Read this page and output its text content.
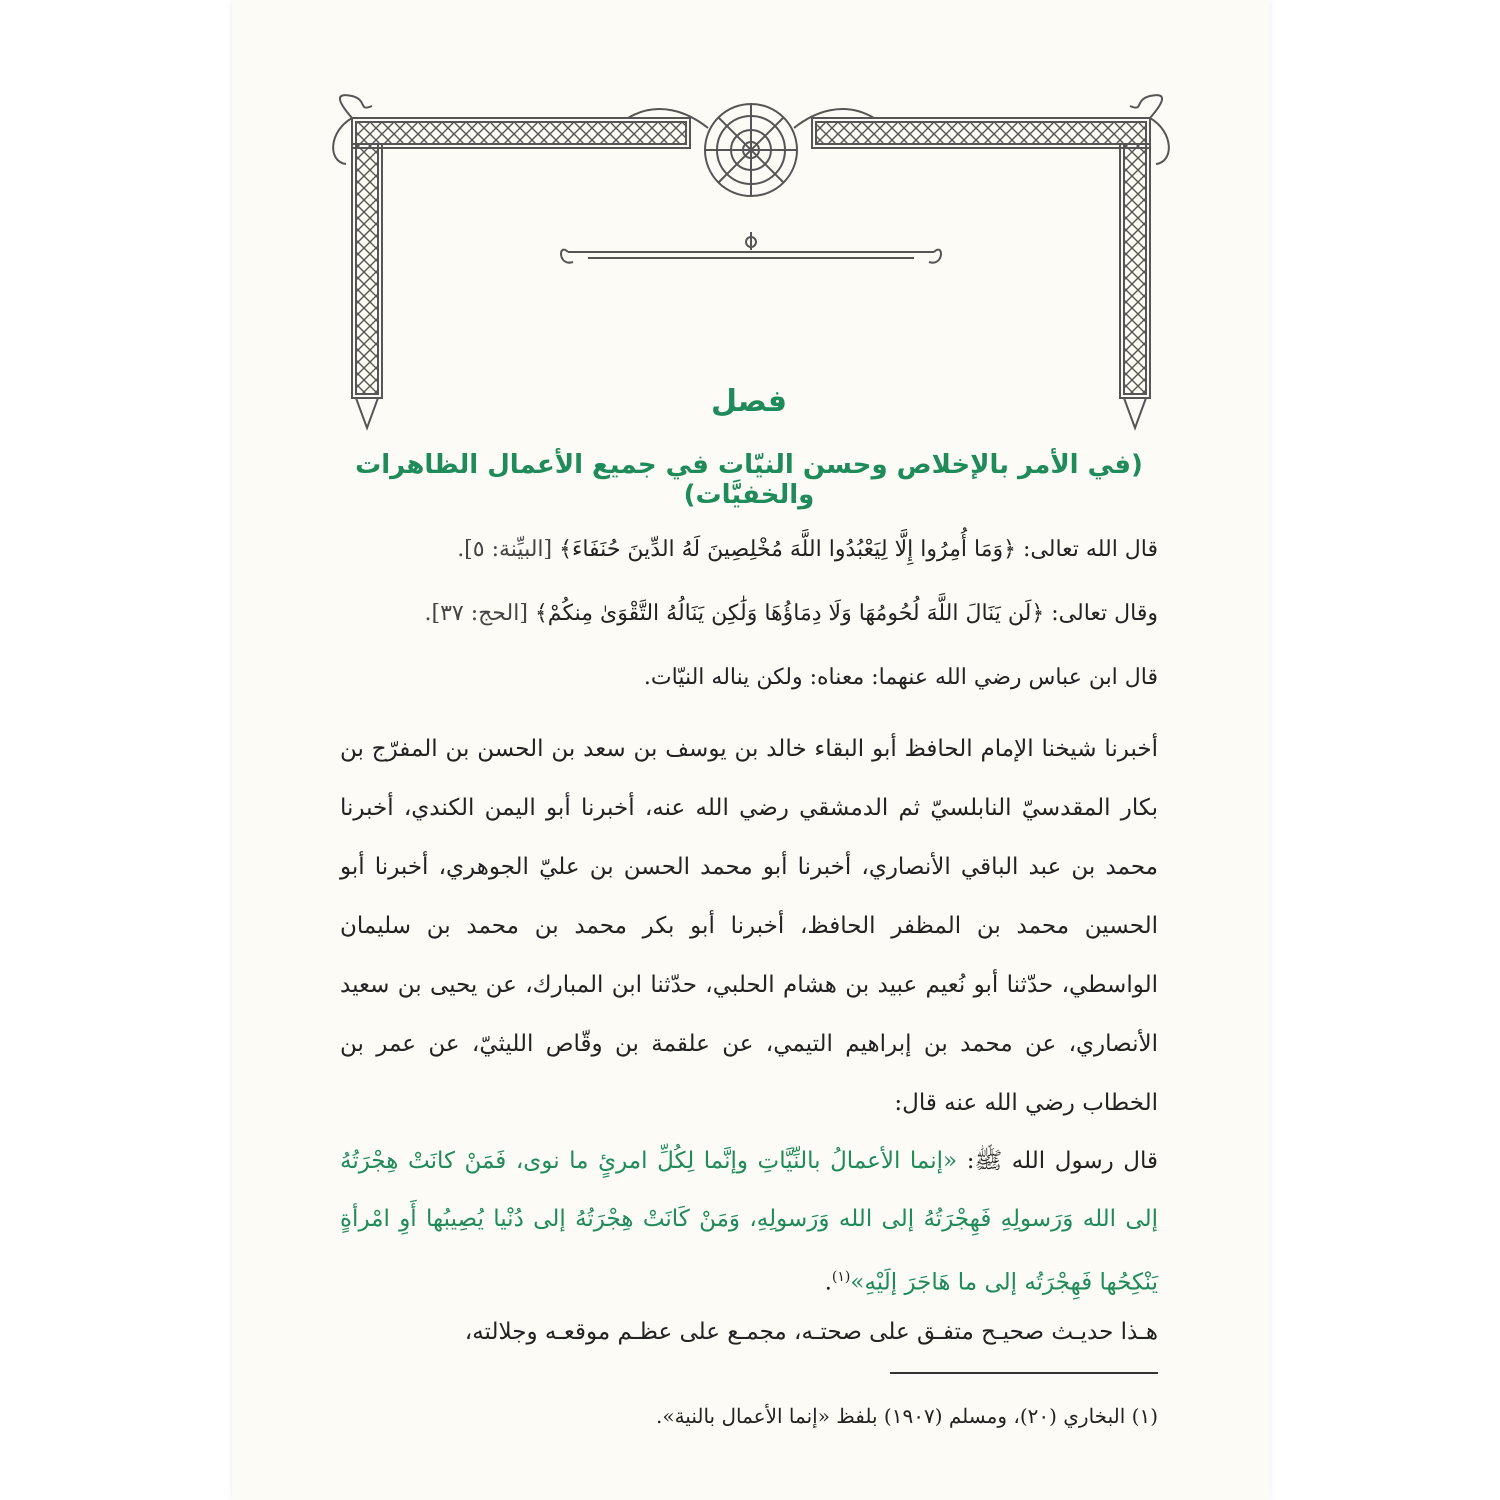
فصل
(في الأمر بالإخلاص وحسن النيّات في جميع الأعمال الظاهرات والخفيَّات)

قال الله تعالى: ﴿وَمَا أُمِرُوا إِلَّا لِيَعْبُدُوا اللَّهَ مُخْلِصِينَ لَهُ الدِّينَ حُنَفَاءَ﴾ [البيِّنة: ٥].

وقال تعالى: ﴿لَن يَنَالَ اللَّهَ لُحُومُهَا وَلَا دِمَاؤُهَا وَلَٰكِن يَنَالُهُ التَّقْوَىٰ مِنكُمْ﴾ [الحج: ٣٧].

قال ابن عباس رضي الله عنهما: معناه: ولكن يناله النيّات.

أخبرنا شيخنا الإمام الحافظ أبو البقاء خالد بن يوسف بن سعد بن الحسن بن المفرّج بن بكار المقدسيّ النابلسيّ ثم الدمشقي رضي الله عنه، أخبرنا أبو اليمن الكندي، أخبرنا محمد بن عبد الباقي الأنصاري، أخبرنا أبو محمد الحسن بن عليّ الجوهري، أخبرنا أبو الحسين محمد بن المظفر الحافظ، أخبرنا أبو بكر محمد بن محمد بن سليمان الواسطي، حدّثنا أبو نُعيم عبيد بن هشام الحلبي، حدّثنا ابن المبارك، عن يحيى بن سعيد الأنصاري، عن محمد بن إبراهيم التيمي، عن علقمة بن وقّاص الليثيّ، عن عمر بن الخطاب رضي الله عنه قال:

قال رسول الله ﷺ: «إنما الأعمالُ بالنِّيَّاتِ وإنَّما لِكُلِّ امرئٍ ما نوى، فَمَنْ كانَتْ هِجْرَتُهُ إلى الله وَرَسولِهِ فَهِجْرَتُهُ إلى الله وَرَسولِهِ، وَمَنْ كَانَتْ هِجْرَتُهُ إلى دُنْيا يُصِيبُها أَوِ امْرأةٍ يَنْكِحُها فَهِجْرَتُه إلى ما هَاجَرَ إلَيْهِ»$^{(١)}$.

هـذا حديـث صحيـح متفـق على صحتـه، مجمـع على عظـم موقعـه وجلالته،

(١) البخاري (٢٠)، ومسلم (١٩٠٧) بلفظ «إنما الأعمال بالنية».
